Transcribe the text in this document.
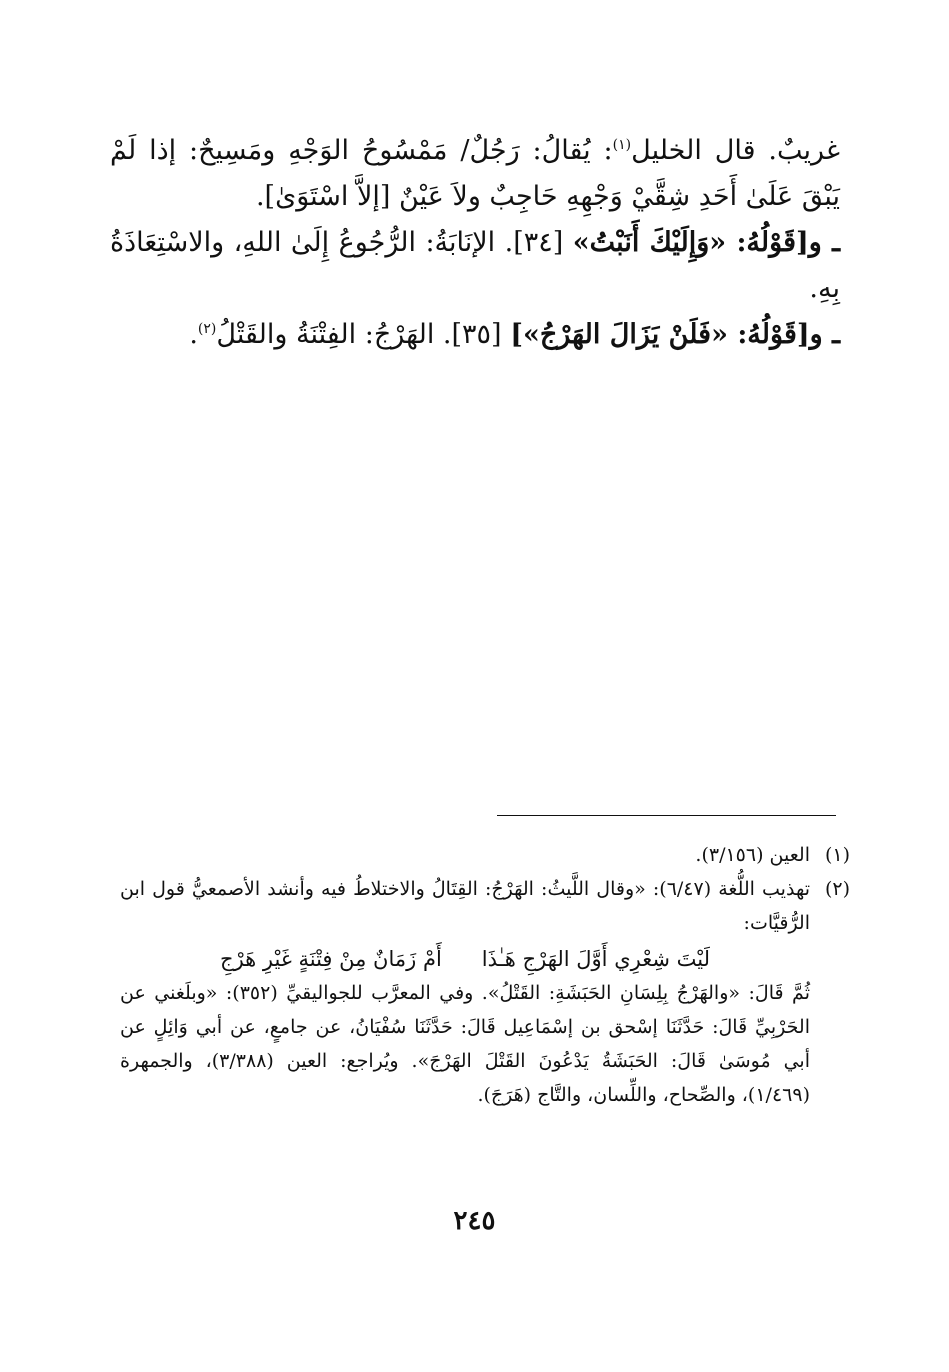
غريبٌ. قال الخليل$^{(١)}$: يُقالُ: رَجُلٌ/ مَمْسُوحُ الوَجْهِ ومَسِيحٌ: إذا لَمْ يَبْقَ عَلَىٰ أَحَدِ شِقَّيْ وَجْهِهِ حَاجِبٌ ولاَ عَيْنٌ [إلاَّ اسْتَوَىٰ].

ـ و[قَوْلُهُ: «وَإِلَيْكَ أَنَبْتُ» [٣٤]. الإنَابَةُ: الرُّجُوعُ إِلَىٰ اللهِ، والاسْتِعَاذَةُ بِهِ.

ـ و[قَوْلُهُ: «فَلَنْ يَزَالَ الهَرْجُ»] [٣٥]. الهَرْجُ: الفِتْنَةُ والقَتْلُ$^{(٢)}$.

(١)
العين (٣/١٥٦).
(٢)
تهذيب اللُّغة (٦/٤٧): «وقال اللَّيثُ: الهَرْجُ: القِتَالُ والاختلاطُ فيه وأنشد الأصمعيُّ قول ابن الرُّقيَّات:
لَيْتَ شِعْرِي أَوَّلَ الهَرْجِ هَـٰذَا
أَمْ زَمَانٌ مِنْ فِتْنَةٍ غَيْرِ هَرْجِ
ثُمَّ قَالَ: «والهَرْجُ بِلِسَانِ الحَبَشَةِ: القَتْلُ». وفي المعرَّب للجواليقيِّ (٣٥٢): «وبلَغني عن الحَرْبِيِّ قَالَ: حَدَّثَنَا إسْحق بن إسْمَاعِيل قَالَ: حَدَّثَنَا سُفْيَانُ، عن جامعٍ، عن أبي وَائِلٍ عن أبي مُوسَىٰ قَالَ: الحَبَشَةُ يَدْعُونَ القَتْلَ الهَرْجَ». ويُراجع: العين (٣/٣٨٨)، والجمهرة (١/٤٦٩)، والصِّحاح، واللِّسان، والتَّاج (هَرَجَ).
٢٤٥
